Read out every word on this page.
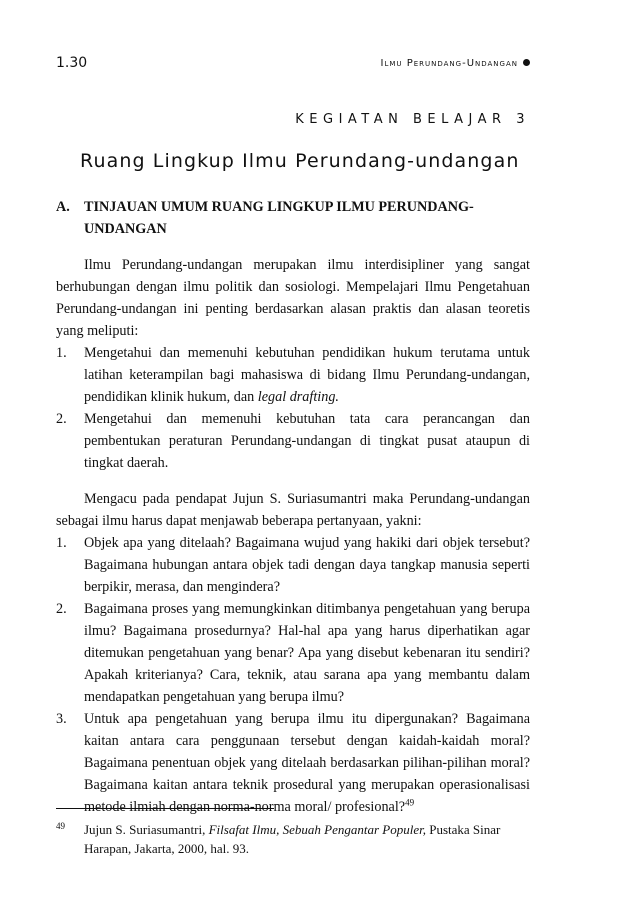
1.30	Ilmu Perundang-Undangan
KEGIATAN BELAJAR 3
Ruang Lingkup Ilmu Perundang-undangan
A.	TINJAUAN UMUM RUANG LINGKUP ILMU PERUNDANG-UNDANGAN

Ilmu Perundang-undangan merupakan ilmu interdisipliner yang sangat berhubungan dengan ilmu politik dan sosiologi. Mempelajari Ilmu Pengetahuan Perundang-undangan ini penting berdasarkan alasan praktis dan alasan teoretis yang meliputi:

1.	Mengetahui dan memenuhi kebutuhan pendidikan hukum terutama untuk latihan keterampilan bagi mahasiswa di bidang Ilmu Perundang-undangan, pendidikan klinik hukum, dan legal drafting.
2.	Mengetahui dan memenuhi kebutuhan tata cara perancangan dan pembentukan peraturan Perundang-undangan di tingkat pusat ataupun di tingkat daerah.

Mengacu pada pendapat Jujun S. Suriasumantri maka Perundang-undangan sebagai ilmu harus dapat menjawab beberapa pertanyaan, yakni:

1.	Objek apa yang ditelaah? Bagaimana wujud yang hakiki dari objek tersebut? Bagaimana hubungan antara objek tadi dengan daya tangkap manusia seperti berpikir, merasa, dan mengindera?
2.	Bagaimana proses yang memungkinkan ditimbanya pengetahuan yang berupa ilmu? Bagaimana prosedurnya? Hal-hal apa yang harus diperhatikan agar ditemukan pengetahuan yang benar? Apa yang disebut kebenaran itu sendiri? Apakah kriterianya? Cara, teknik, atau sarana apa yang membantu dalam mendapatkan pengetahuan yang berupa ilmu?
3.	Untuk apa pengetahuan yang berupa ilmu itu dipergunakan? Bagaimana kaitan antara cara penggunaan tersebut dengan kaidah-kaidah moral? Bagaimana penentuan objek yang ditelaah berdasarkan pilihan-pilihan moral? Bagaimana kaitan antara teknik prosedural yang merupakan operasionalisasi metode ilmiah dengan norma-norma moral/ profesional?$^{49}$
49	Jujun S. Suriasumantri, Filsafat Ilmu, Sebuah Pengantar Populer, Pustaka Sinar Harapan, Jakarta, 2000, hal. 93.
